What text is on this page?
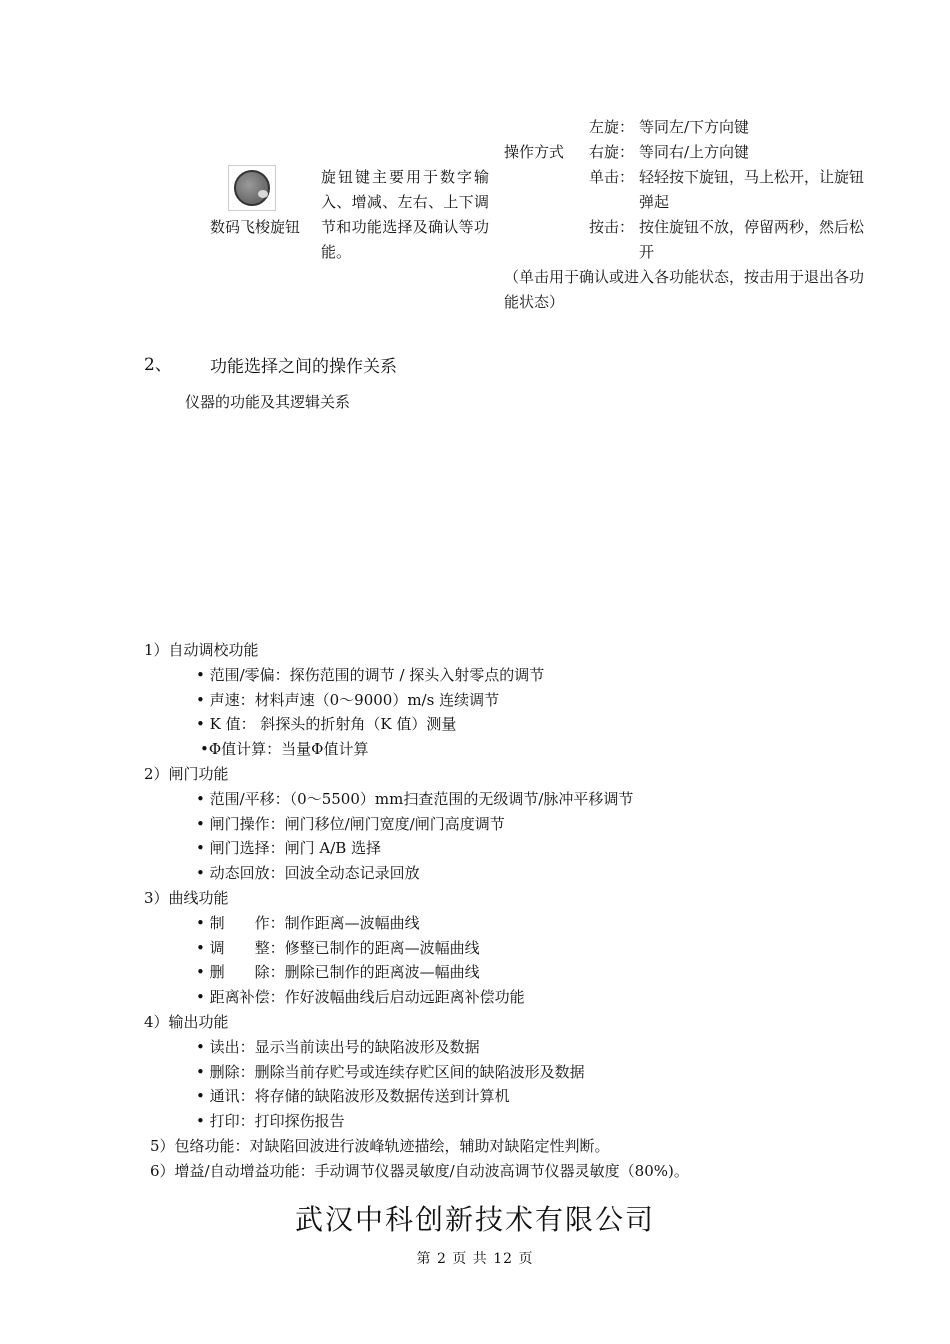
数码飞梭旋钮
旋钮键主要用于数字输入、增减、左右、上下调节和功能选择及确认等功能。
操作方式
左旋： 等同左/下方向键
右旋： 等同右/上方向键
单击： 轻轻按下旋钮，马上松开，让旋钮弹起
按击： 按住旋钮不放，停留两秒，然后松开
（单击用于确认或进入各功能状态，按击用于退出各功能状态）
2、 功能选择之间的操作关系
仪器的功能及其逻辑关系
1）自动调校功能
• 范围/零偏：探伤范围的调节 / 探头入射零点的调节
• 声速：材料声速（0～9000）m/s 连续调节
• K 值： 斜探头的折射角（K 值）测量
•Φ值计算：当量Φ值计算
2）闸门功能
• 范围/平移：（0～5500）mm扫查范围的无级调节/脉冲平移调节
• 闸门操作：闸门移位/闸门宽度/闸门高度调节
• 闸门选择：闸门 A/B 选择
• 动态回放：回波全动态记录回放
3）曲线功能
• 制　　作：制作距离—波幅曲线
• 调　　整：修整已制作的距离—波幅曲线
• 删　　除：删除已制作的距离波—幅曲线
• 距离补偿：作好波幅曲线后启动远距离补偿功能
4）输出功能
• 读出：显示当前读出号的缺陷波形及数据
• 删除：删除当前存贮号或连续存贮区间的缺陷波形及数据
• 通讯：将存储的缺陷波形及数据传送到计算机
• 打印：打印探伤报告
5）包络功能：对缺陷回波进行波峰轨迹描绘，辅助对缺陷定性判断。
6）增益/自动增益功能：手动调节仪器灵敏度/自动波高调节仪器灵敏度（80%)。
武汉中科创新技术有限公司
第 2 页 共 12 页
